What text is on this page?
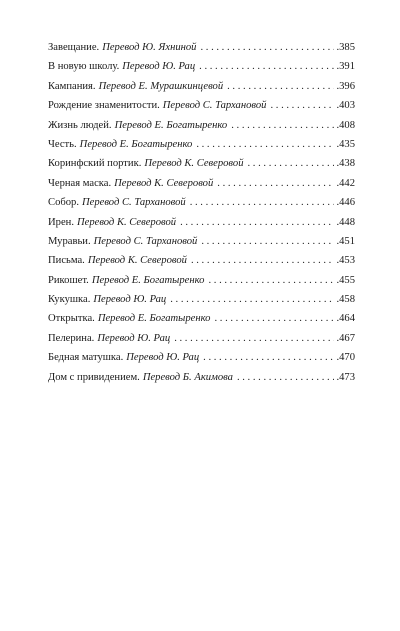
Завещание. Перевод Ю. Яхниной . . .	.385
В новую школу. Перевод Ю. Рац . . .	.391
Кампания. Перевод Е. Мурашкинцевой . . .	.396
Рождение знаменитости. Перевод С. Тархановой . . .	.403
Жизнь людей. Перевод Е. Богатыренко . . .	.408
Честь. Перевод Е. Богатыренко . . .	.435
Коринфский портик. Перевод К. Северовой . . .	.438
Черная маска. Перевод К. Северовой . . .	.442
Собор. Перевод С. Тархановой . . .	.446
Ирен. Перевод К. Северовой . . .	.448
Муравьи. Перевод С. Тархановой . . .	.451
Письма. Перевод К. Северовой . . .	.453
Рикошет. Перевод Е. Богатыренко . . .	.455
Кукушка. Перевод Ю. Рац . . .	.458
Открытка. Перевод Е. Богатыренко . . .	.464
Пелерина. Перевод Ю. Рац . . .	.467
Бедная матушка. Перевод Ю. Рац . . .	.470
Дом с привидением. Перевод Б. Акимова . . .	.473
